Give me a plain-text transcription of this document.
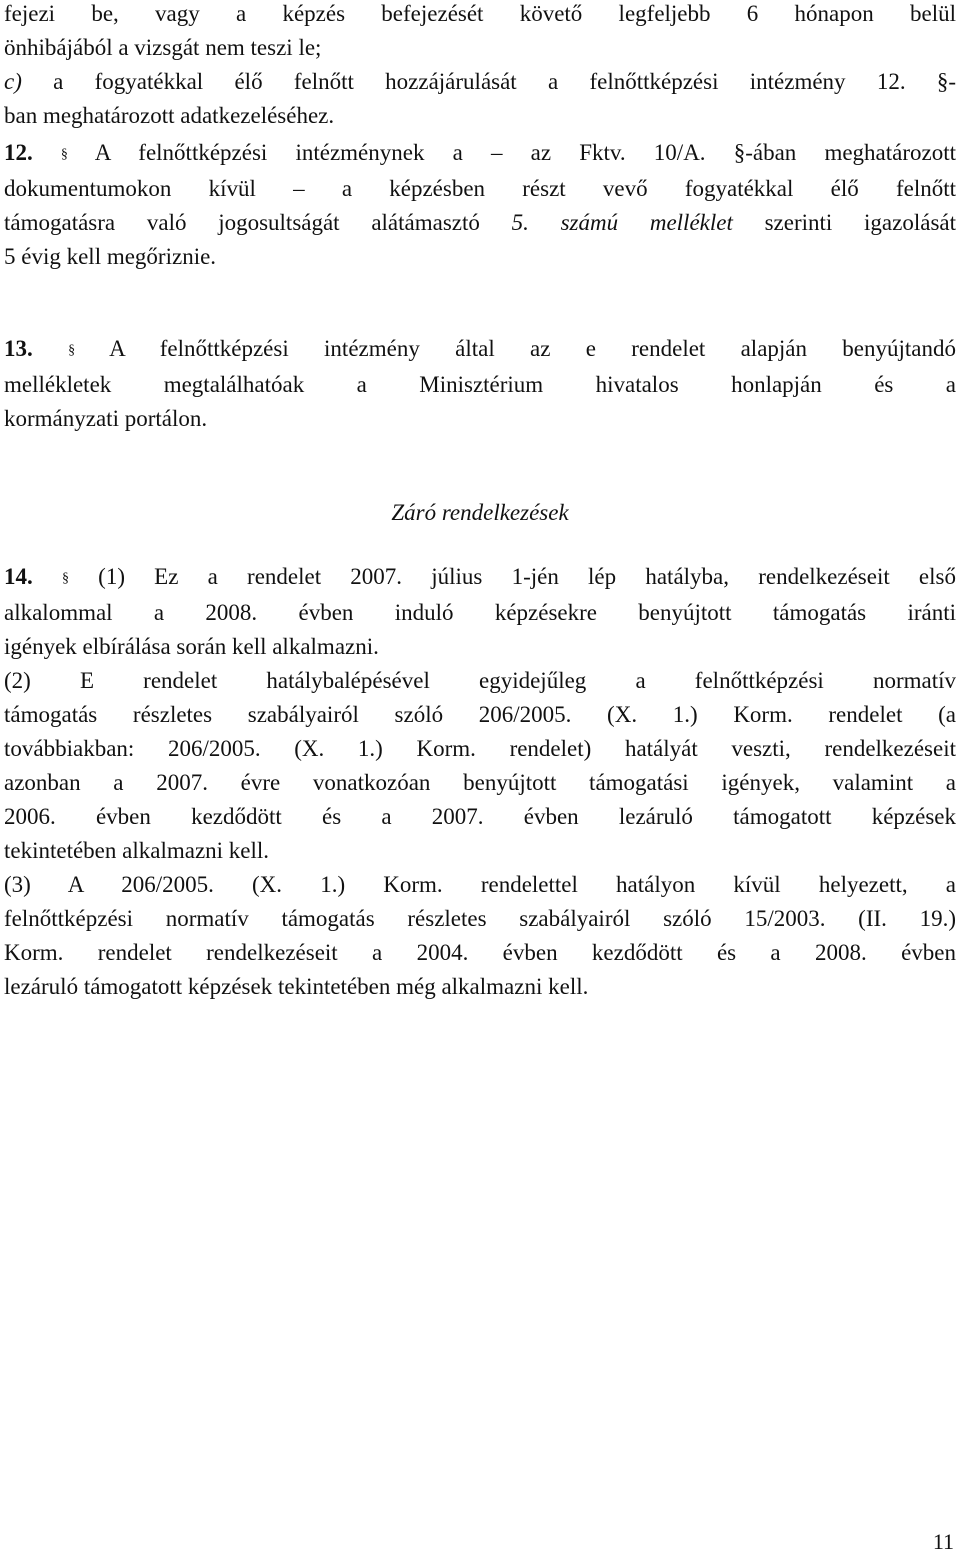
fejezi be, vagy a képzés befejezését követő legfeljebb 6 hónapon belül
önhibájából a vizsgát nem teszi le;
c) a fogyatékkal élő felnőtt hozzájárulását a felnőttképzési intézmény 12. §-
ban meghatározott adatkezeléséhez.
12. § A felnőttképzési intézménynek a – az Fktv. 10/A. §-ában meghatározott
dokumentumokon kívül – a képzésben részt vevő fogyatékkal élő felnőtt
támogatásra való jogosultságát alátámasztó 5. számú melléklet szerinti igazolását
5 évig kell megőriznie.
13.	§ A felnőttképzési intézmény által az e rendelet alapján benyújtandó
mellékletek megtalálhatóak a Minisztérium hivatalos honlapján és a
kormányzati portálon.
Záró rendelkezések
14. § (1) Ez a rendelet 2007. július 1-jén lép hatályba, rendelkezéseit első
alkalommal a 2008. évben induló képzésekre benyújtott támogatás iránti
igények elbírálása során kell alkalmazni.
(2) E rendelet hatálybalépésével egyidejűleg a felnőttképzési normatív
támogatás részletes szabályairól szóló 206/2005. (X. 1.) Korm. rendelet (a
továbbiakban: 206/2005. (X. 1.) Korm. rendelet) hatályát veszti, rendelkezéseit
azonban a 2007. évre vonatkozóan benyújtott támogatási igények, valamint a
2006. évben kezdődött és a 2007. évben lezáruló támogatott képzések
tekintetében alkalmazni kell.
(3) A 206/2005. (X. 1.) Korm. rendelettel hatályon kívül helyezett, a
felnőttképzési normatív támogatás részletes szabályairól szóló 15/2003. (II. 19.)
Korm. rendelet rendelkezéseit a 2004. évben kezdődött és a 2008. évben
lezáruló támogatott képzések tekintetében még alkalmazni kell.
11
